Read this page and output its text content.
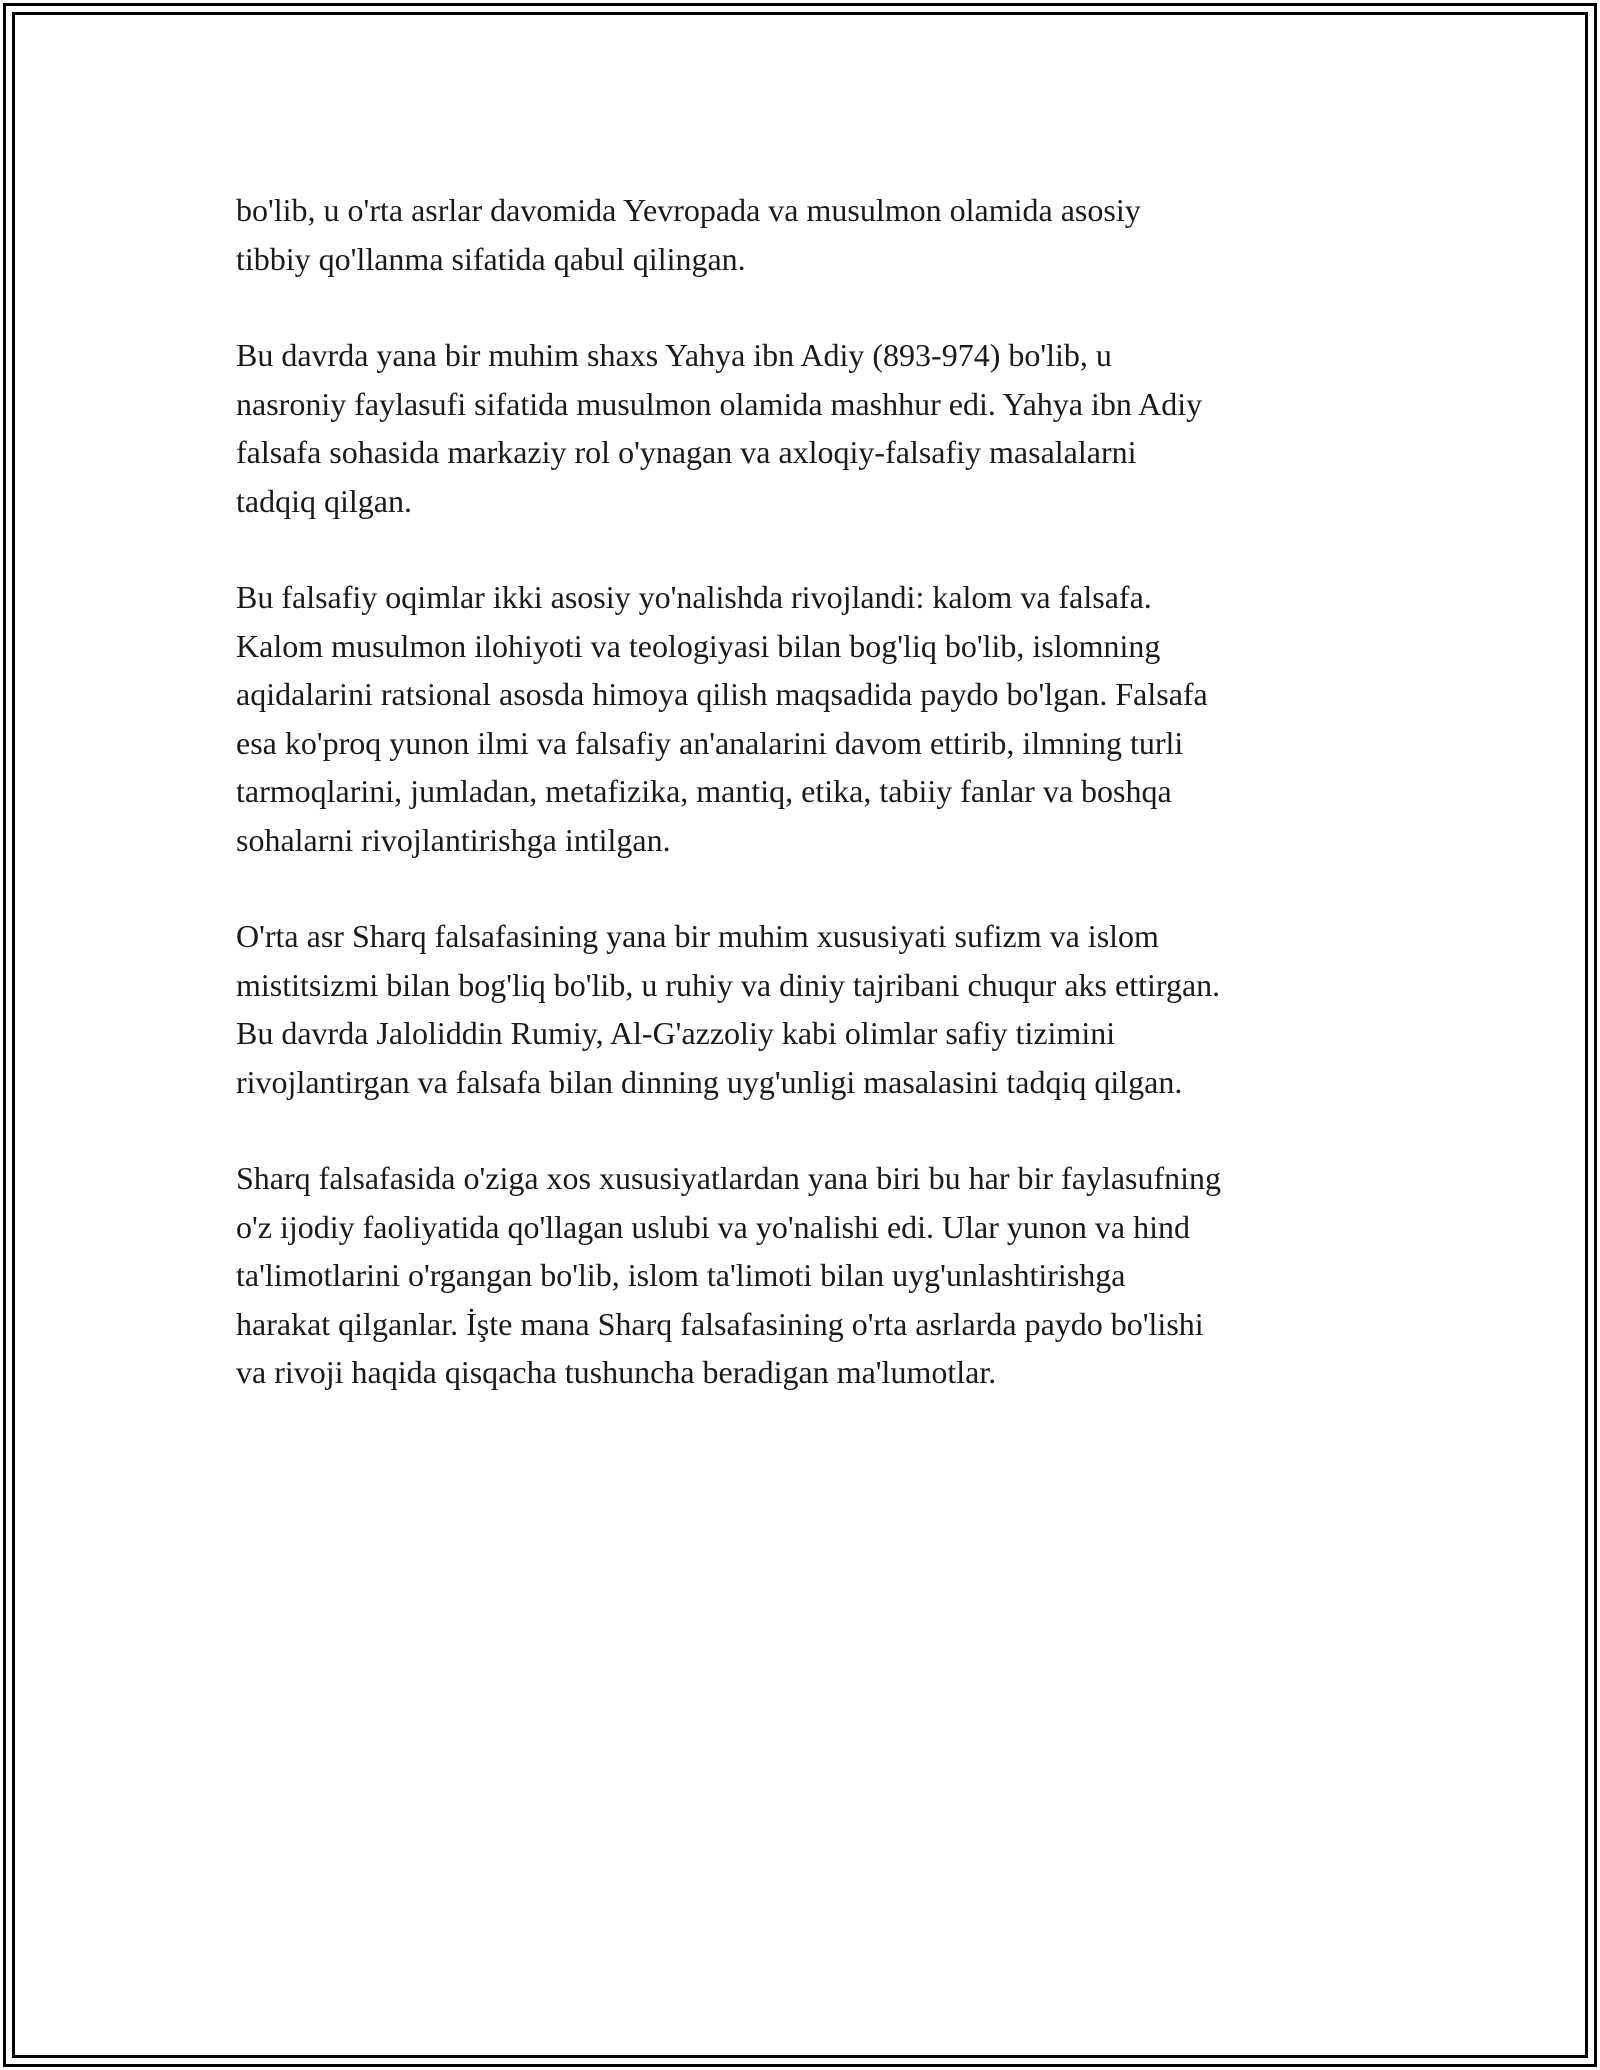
bo'lib, u o'rta asrlar davomida Yevropada va musulmon olamida asosiy
tibbiy qo'llanma sifatida qabul qilingan.

Bu davrda yana bir muhim shaxs Yahya ibn Adiy (893-974) bo'lib, u
nasroniy faylasufi sifatida musulmon olamida mashhur edi. Yahya ibn Adiy
falsafa sohasida markaziy rol o'ynagan va axloqiy-falsafiy masalalarni
tadqiq qilgan.

Bu falsafiy oqimlar ikki asosiy yo'nalishda rivojlandi: kalom va falsafa.
Kalom musulmon ilohiyoti va teologiyasi bilan bog'liq bo'lib, islomning
aqidalarini ratsional asosda himoya qilish maqsadida paydo bo'lgan. Falsafa
esa ko'proq yunon ilmi va falsafiy an'analarini davom ettirib, ilmning turli
tarmoqlarini, jumladan, metafizika, mantiq, etika, tabiiy fanlar va boshqa
sohalarni rivojlantirishga intilgan.

O'rta asr Sharq falsafasining yana bir muhim xususiyati sufizm va islom
mistitsizmi bilan bog'liq bo'lib, u ruhiy va diniy tajribani chuqur aks ettirgan.
Bu davrda Jaloliddin Rumiy, Al-G'azzoliy kabi olimlar safiy tizimini
rivojlantirgan va falsafa bilan dinning uyg'unligi masalasini tadqiq qilgan.

Sharq falsafasida o'ziga xos xususiyatlardan yana biri bu har bir faylasufning
o'z ijodiy faoliyatida qo'llagan uslubi va yo'nalishi edi. Ular yunon va hind
ta'limotlarini o'rgangan bo'lib, islom ta'limoti bilan uyg'unlashtirishga
harakat qilganlar. İşte mana Sharq falsafasining o'rta asrlarda paydo bo'lishi
va rivoji haqida qisqacha tushuncha beradigan ma'lumotlar.
